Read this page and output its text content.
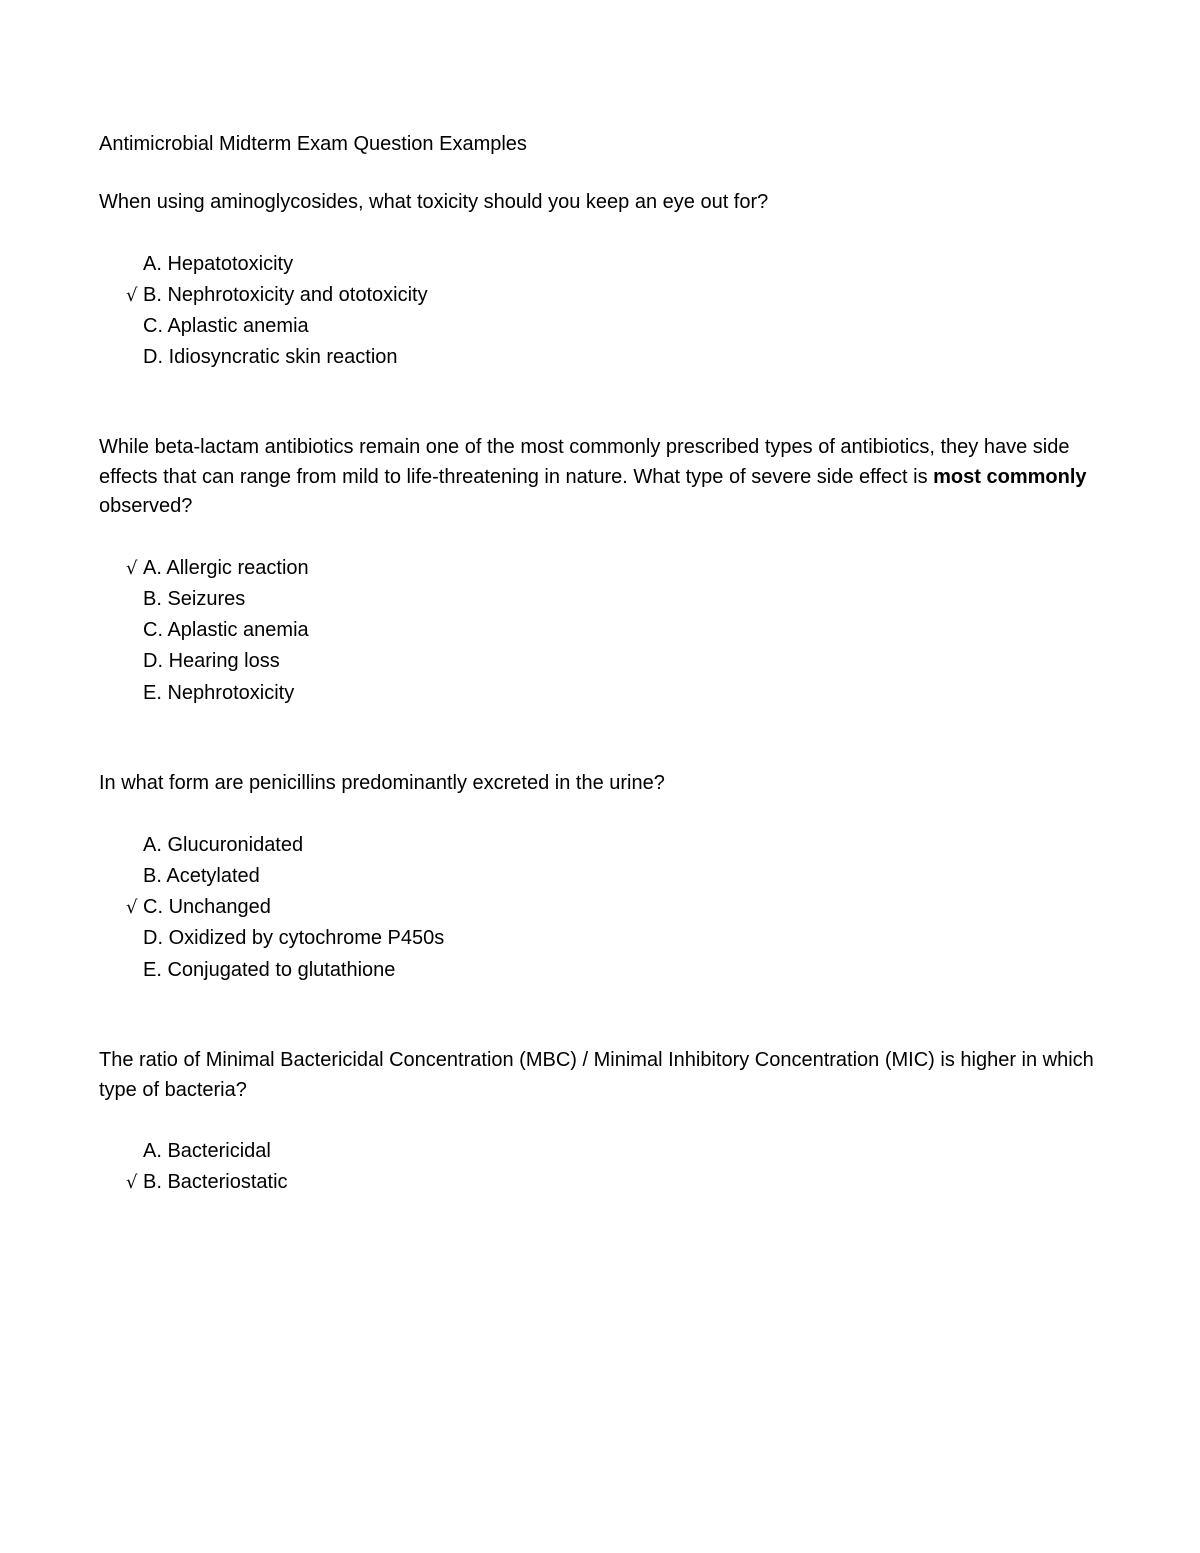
Antimicrobial Midterm Exam Question Examples

When using aminoglycosides, what toxicity should you keep an eye out for?

A. Hepatotoxicity
√ B. Nephrotoxicity and ototoxicity
C. Aplastic anemia
D. Idiosyncratic skin reaction

While beta-lactam antibiotics remain one of the most commonly prescribed types of antibiotics, they have side effects that can range from mild to life-threatening in nature. What type of severe side effect is most commonly observed?

√ A. Allergic reaction
B. Seizures
C. Aplastic anemia
D. Hearing loss
E. Nephrotoxicity

In what form are penicillins predominantly excreted in the urine?

A. Glucuronidated
B. Acetylated
√ C. Unchanged
D. Oxidized by cytochrome P450s
E. Conjugated to glutathione

The ratio of Minimal Bactericidal Concentration (MBC) / Minimal Inhibitory Concentration (MIC) is higher in which type of bacteria?

A. Bactericidal
√ B. Bacteriostatic
